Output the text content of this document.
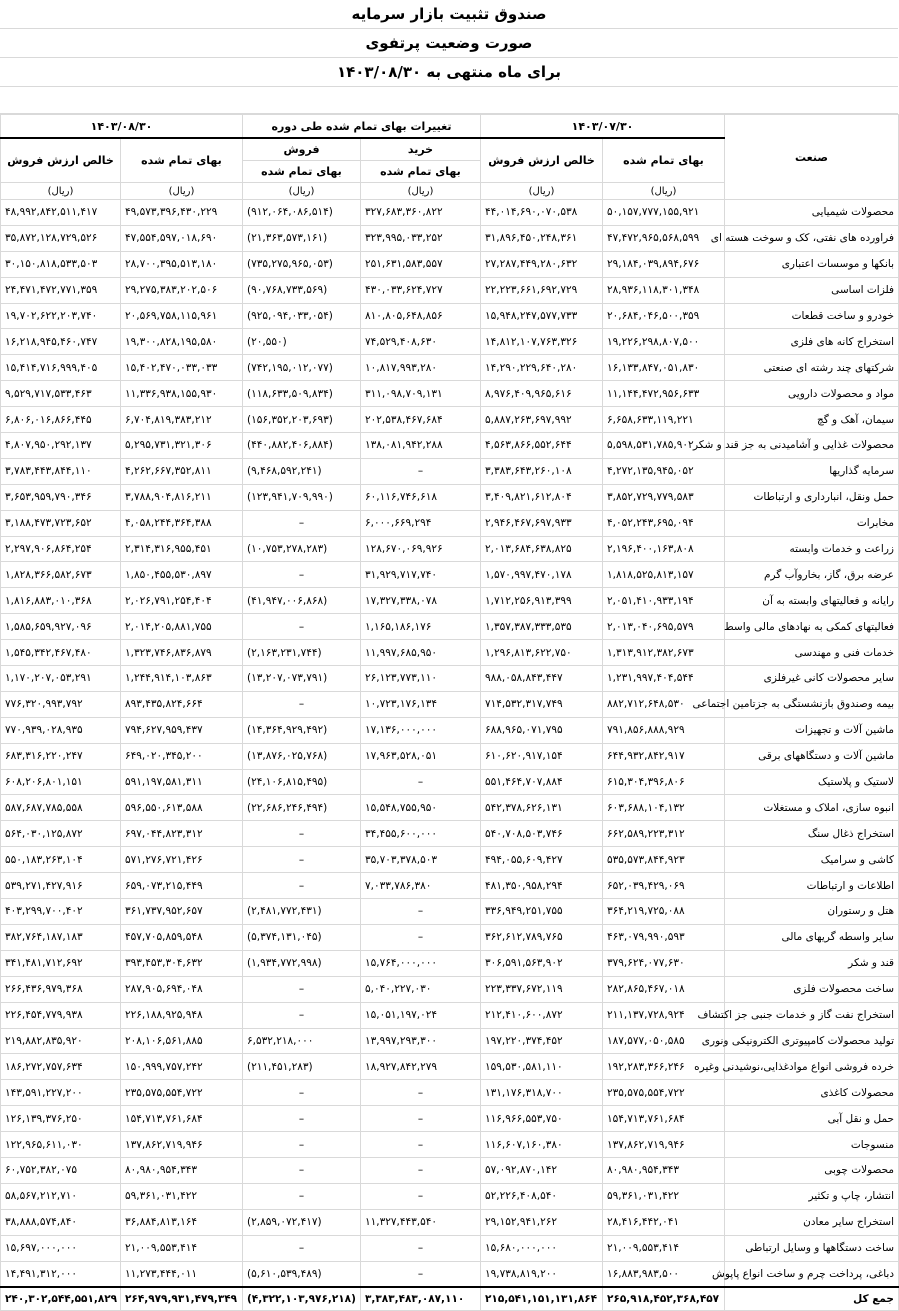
صندوق تثبیت بازار سرمایه
صورت وضعیت پرتفوی
برای ماه منتهی به ۱۴۰۳/۰۸/۳۰
صنعت	۱۴۰۳/۰۷/۳۰		تغییرات بهای تمام شده طی دوره		۱۴۰۳/۰۸/۳۰	
	بهای تمام شده	خالص ارزش فروش	خرید	فروش	بهای تمام شده	خالص ارزش فروش
			بهای تمام شده	بهای تمام شده		
	(ریال)	(ریال)	(ریال)	(ریال)	(ریال)	(ریال)
محصولات شیمیایی	۵۰,۱۵۷,۷۷۷,۱۵۵,۹۲۱	۴۴,۰۱۴,۶۹۰,۰۷۰,۵۳۸	۳۲۷,۶۸۳,۳۶۰,۸۲۲	(۹۱۲,۰۶۴,۰۸۶,۵۱۴)	۴۹,۵۷۳,۳۹۶,۴۳۰,۲۲۹	۴۸,۹۹۲,۸۴۲,۵۱۱,۴۱۷
فراورده های نفتی، کک و سوخت هسته ای	۴۷,۴۷۲,۹۶۵,۵۶۸,۵۹۹	۳۱,۸۹۶,۴۵۰,۲۴۸,۳۶۱	۳۲۳,۹۹۵,۰۳۳,۲۵۲	(۲۱,۳۶۳,۵۷۳,۱۶۱)	۴۷,۵۵۴,۵۹۷,۰۱۸,۶۹۰	۳۵,۸۷۲,۱۲۸,۷۲۹,۵۲۶
بانکها و موسسات اعتباری	۲۹,۱۸۴,۰۳۹,۸۹۴,۶۷۶	۲۷,۲۸۷,۴۴۹,۲۸۰,۶۳۲	۲۵۱,۶۳۱,۵۸۳,۵۵۷	(۷۳۵,۲۷۵,۹۶۵,۰۵۳)	۲۸,۷۰۰,۳۹۵,۵۱۳,۱۸۰	۳۰,۱۵۰,۸۱۸,۵۳۳,۵۰۳
فلزات اساسی	۲۸,۹۳۶,۱۱۸,۳۰۱,۳۴۸	۲۲,۲۲۳,۶۶۱,۶۹۲,۷۲۹	۴۳۰,۰۳۳,۶۲۴,۷۲۷	(۹۰,۷۶۸,۷۳۳,۵۶۹)	۲۹,۲۷۵,۳۸۳,۲۰۲,۵۰۶	۲۴,۴۷۱,۴۷۲,۷۷۱,۳۵۹
خودرو و ساخت قطعات	۲۰,۶۸۴,۰۴۶,۵۰۰,۳۵۹	۱۵,۹۴۸,۲۴۷,۵۷۷,۷۳۳	۸۱۰,۸۰۵,۶۴۸,۸۵۶	(۹۲۵,۰۹۴,۰۳۳,۰۵۴)	۲۰,۵۶۹,۷۵۸,۱۱۵,۹۶۱	۱۹,۷۰۲,۶۲۲,۲۰۳,۷۴۰
استخراج کانه های فلزی	۱۹,۲۲۶,۲۹۸,۸۰۷,۵۰۰	۱۴,۸۱۲,۱۰۷,۷۶۳,۳۲۶	۷۴,۵۲۹,۴۰۸,۶۳۰	(۲۰,۵۵۰)	۱۹,۳۰۰,۸۲۸,۱۹۵,۵۸۰	۱۶,۲۱۸,۹۴۵,۴۶۰,۷۴۷
شرکتهای چند رشته ای صنعتی	۱۶,۱۳۳,۸۴۷,۰۵۱,۸۳۰	۱۴,۲۹۰,۲۲۹,۶۴۰,۲۸۰	۱۰,۸۱۷,۹۹۳,۲۸۰	(۷۴۲,۱۹۵,۰۱۲,۰۷۷)	۱۵,۴۰۲,۴۷۰,۰۳۳,۰۳۳	۱۵,۴۱۴,۷۱۶,۹۹۹,۴۰۵
مواد و محصولات دارویی	۱۱,۱۴۴,۴۷۲,۹۵۶,۶۳۳	۸,۹۷۶,۴۰۹,۹۶۵,۶۱۶	۳۱۱,۰۹۸,۷۰۹,۱۳۱	(۱۱۸,۶۳۳,۵۰۹,۸۳۴)	۱۱,۳۳۶,۹۳۸,۱۵۵,۹۳۰	۹,۵۲۹,۷۱۷,۵۳۳,۴۶۳
سیمان، آهک و گچ	۶,۶۵۸,۶۳۳,۱۱۹,۲۲۱	۵,۸۸۷,۲۶۳,۶۹۷,۹۹۲	۲۰۲,۵۳۸,۴۶۷,۶۸۴	(۱۵۶,۳۵۲,۲۰۳,۶۹۳)	۶,۷۰۴,۸۱۹,۳۸۳,۲۱۲	۶,۸۰۶,۰۱۶,۸۶۶,۴۴۵
محصولات غذایی و آشامیدنی به جز قند و شکر	۵,۵۹۸,۵۳۱,۷۸۵,۹۰۲	۴,۵۶۳,۸۶۶,۵۵۲,۶۴۴	۱۳۸,۰۸۱,۹۴۲,۲۸۸	(۴۴۰,۸۸۲,۴۰۶,۸۸۴)	۵,۲۹۵,۷۳۱,۳۲۱,۳۰۶	۴,۸۰۷,۹۵۰,۲۹۲,۱۳۷
سرمایه گذاریها	۴,۲۷۲,۱۳۵,۹۴۵,۰۵۲	۳,۳۸۳,۶۴۳,۲۶۰,۱۰۸	–	(۹,۴۶۸,۵۹۲,۲۴۱)	۴,۲۶۲,۶۶۷,۳۵۲,۸۱۱	۳,۷۸۳,۴۴۳,۸۴۴,۱۱۰
حمل ونقل، انبارداری و ارتباطات	۳,۸۵۲,۷۲۹,۷۷۹,۵۸۳	۳,۴۰۹,۸۲۱,۶۱۲,۸۰۴	۶۰,۱۱۶,۷۴۶,۶۱۸	(۱۲۳,۹۴۱,۷۰۹,۹۹۰)	۳,۷۸۸,۹۰۴,۸۱۶,۲۱۱	۳,۶۵۳,۹۵۹,۷۹۰,۳۴۶
مخابرات	۴,۰۵۲,۲۴۳,۶۹۵,۰۹۴	۲,۹۴۶,۴۶۷,۶۹۷,۹۳۳	۶,۰۰۰,۶۶۹,۲۹۴	–	۴,۰۵۸,۲۴۴,۳۶۴,۳۸۸	۳,۱۸۸,۴۷۳,۷۲۳,۶۵۲
زراعت و خدمات وابسته	۲,۱۹۶,۴۰۰,۱۶۳,۸۰۸	۲,۰۱۳,۶۸۴,۶۳۸,۸۲۵	۱۲۸,۶۷۰,۰۶۹,۹۲۶	(۱۰,۷۵۳,۲۷۸,۲۸۳)	۲,۳۱۴,۳۱۶,۹۵۵,۴۵۱	۲,۲۹۷,۹۰۶,۸۶۴,۲۵۴
عرضه برق، گاز، بخاروآب گرم	۱,۸۱۸,۵۲۵,۸۱۳,۱۵۷	۱,۵۷۰,۹۹۷,۴۷۰,۱۷۸	۳۱,۹۲۹,۷۱۷,۷۴۰	–	۱,۸۵۰,۴۵۵,۵۳۰,۸۹۷	۱,۸۲۸,۳۶۶,۵۸۲,۶۷۳
رایانه و فعالیتهای وابسته به آن	۲,۰۵۱,۴۱۰,۹۳۳,۱۹۴	۱,۷۱۲,۲۵۶,۹۱۳,۳۹۹	۱۷,۳۲۷,۳۳۸,۰۷۸	(۴۱,۹۴۷,۰۰۶,۸۶۸)	۲,۰۲۶,۷۹۱,۲۵۴,۴۰۴	۱,۸۱۶,۸۸۳,۰۱۰,۳۶۸
فعالیتهای کمکی به نهادهای مالی واسط	۲,۰۱۳,۰۴۰,۶۹۵,۵۷۹	۱,۳۵۷,۳۸۷,۳۳۳,۵۳۵	۱,۱۶۵,۱۸۶,۱۷۶	–	۲,۰۱۴,۲۰۵,۸۸۱,۷۵۵	۱,۵۸۵,۶۵۹,۹۲۷,۰۹۶
خدمات فنی و مهندسی	۱,۳۱۳,۹۱۲,۳۸۲,۶۷۳	۱,۲۹۶,۸۱۳,۶۲۲,۷۵۰	۱۱,۹۹۷,۶۸۵,۹۵۰	(۲,۱۶۳,۲۳۱,۷۴۴)	۱,۳۲۳,۷۴۶,۸۳۶,۸۷۹	۱,۵۴۵,۳۴۲,۴۶۷,۴۸۰
سایر محصولات کانی غیرفلزی	۱,۲۳۱,۹۹۷,۴۰۴,۵۴۴	۹۸۸,۰۵۸,۸۴۳,۴۴۷	۲۶,۱۲۳,۷۷۳,۱۱۰	(۱۳,۲۰۷,۰۷۳,۷۹۱)	۱,۲۴۴,۹۱۴,۱۰۳,۸۶۳	۱,۱۷۰,۲۰۷,۰۵۳,۲۹۱
بیمه وصندوق بازنشستگی به جزتامین اجتماعی	۸۸۲,۷۱۲,۶۴۸,۵۳۰	۷۱۴,۵۳۲,۳۱۷,۷۴۹	۱۰,۷۲۳,۱۷۶,۱۳۴	–	۸۹۳,۴۳۵,۸۲۴,۶۶۴	۷۷۶,۳۲۰,۹۹۳,۷۹۲
ماشین آلات و تجهیزات	۷۹۱,۸۵۶,۸۸۸,۹۲۹	۶۸۸,۹۶۵,۰۷۱,۷۹۵	۱۷,۱۳۶,۰۰۰,۰۰۰	(۱۴,۳۶۴,۹۲۹,۴۹۲)	۷۹۴,۶۲۷,۹۵۹,۴۳۷	۷۷۰,۹۳۹,۰۲۸,۹۳۵
ماشین آلات و دستگاههای برقی	۶۴۴,۹۳۲,۸۴۲,۹۱۷	۶۱۰,۶۲۰,۹۱۷,۱۵۴	۱۷,۹۶۳,۵۲۸,۰۵۱	(۱۳,۸۷۶,۰۲۵,۷۶۸)	۶۴۹,۰۲۰,۳۴۵,۲۰۰	۶۸۳,۳۱۶,۲۲۰,۲۴۷
لاستیک و پلاستیک	۶۱۵,۳۰۴,۳۹۶,۸۰۶	۵۵۱,۴۶۴,۷۰۷,۸۸۴	–	(۲۴,۱۰۶,۸۱۵,۴۹۵)	۵۹۱,۱۹۷,۵۸۱,۳۱۱	۶۰۸,۲۰۶,۸۰۱,۱۵۱
انبوه سازی، املاک و مستغلات	۶۰۳,۶۸۸,۱۰۴,۱۳۲	۵۴۲,۳۷۸,۶۲۶,۱۳۱	۱۵,۵۴۸,۷۵۵,۹۵۰	(۲۲,۶۸۶,۲۴۶,۴۹۴)	۵۹۶,۵۵۰,۶۱۳,۵۸۸	۵۸۷,۶۸۷,۷۸۵,۵۵۸
استخراج ذغال سنگ	۶۶۲,۵۸۹,۲۲۳,۳۱۲	۵۴۰,۷۰۸,۵۰۳,۷۴۶	۳۴,۴۵۵,۶۰۰,۰۰۰	–	۶۹۷,۰۴۴,۸۲۳,۳۱۲	۵۶۴,۰۳۰,۱۲۵,۸۷۲
کاشی و سرامیک	۵۳۵,۵۷۳,۸۴۴,۹۲۳	۴۹۴,۰۵۵,۶۰۹,۴۲۷	۳۵,۷۰۳,۳۷۸,۵۰۳	–	۵۷۱,۲۷۶,۷۲۱,۴۲۶	۵۵۰,۱۸۳,۲۶۳,۱۰۴
اطلاعات و ارتباطات	۶۵۲,۰۳۹,۴۲۹,۰۶۹	۴۸۱,۳۵۰,۹۵۸,۲۹۴	۷,۰۳۳,۷۸۶,۳۸۰	–	۶۵۹,۰۷۳,۲۱۵,۴۴۹	۵۳۹,۲۷۱,۴۲۷,۹۱۶
هتل و رستوران	۳۶۴,۲۱۹,۷۲۵,۰۸۸	۳۳۶,۹۴۹,۲۵۱,۷۵۵	–	(۲,۴۸۱,۷۷۲,۴۳۱)	۳۶۱,۷۳۷,۹۵۲,۶۵۷	۴۰۳,۲۹۹,۷۰۰,۴۰۲
سایر واسطه گریهای مالی	۴۶۳,۰۷۹,۹۹۰,۵۹۳	۳۶۲,۶۱۲,۷۸۹,۷۶۵	–	(۵,۳۷۴,۱۳۱,۰۴۵)	۴۵۷,۷۰۵,۸۵۹,۵۴۸	۳۸۲,۷۶۴,۱۸۷,۱۸۳
قند و شکر	۳۷۹,۶۲۴,۰۷۷,۶۳۰	۳۰۶,۵۹۱,۵۶۳,۹۰۲	۱۵,۷۶۴,۰۰۰,۰۰۰	(۱,۹۳۴,۷۷۲,۹۹۸)	۳۹۳,۴۵۳,۳۰۴,۶۳۲	۳۴۱,۴۸۱,۷۱۲,۶۹۲
ساخت محصولات فلزی	۲۸۲,۸۶۵,۴۶۷,۰۱۸	۲۲۳,۳۳۷,۶۷۲,۱۱۹	۵,۰۴۰,۲۲۷,۰۳۰	–	۲۸۷,۹۰۵,۶۹۴,۰۴۸	۲۶۶,۴۳۶,۹۷۹,۳۶۸
استخراج نفت گاز و خدمات جنبی جز اکتشاف	۲۱۱,۱۳۷,۷۲۸,۹۲۴	۲۱۲,۴۱۰,۶۰۰,۸۷۲	۱۵,۰۵۱,۱۹۷,۰۲۴	–	۲۲۶,۱۸۸,۹۲۵,۹۴۸	۲۲۶,۴۵۴,۷۷۹,۹۳۸
تولید محصولات کامپیوتری الکترونیکی ونوری	۱۸۷,۵۷۷,۰۵۰,۵۸۵	۱۹۷,۲۲۰,۳۷۴,۴۵۲	۱۳,۹۹۷,۲۹۳,۳۰۰	۶,۵۳۲,۲۱۸,۰۰۰	۲۰۸,۱۰۶,۵۶۱,۸۸۵	۲۱۹,۸۸۲,۸۳۵,۹۲۰
خرده فروشی انواع موادغذایی،نوشیدنی وغیره	۱۹۲,۲۸۳,۳۶۶,۲۴۶	۱۵۹,۵۳۰,۵۸۱,۱۱۰	۱۸,۹۲۷,۸۴۲,۲۷۹	(۲۱۱,۴۵۱,۲۸۳)	۱۵۰,۹۹۹,۷۵۷,۲۴۲	۱۸۶,۲۷۲,۷۵۷,۶۳۴
محصولات کاغذی	۲۳۵,۵۷۵,۵۵۴,۷۲۲	۱۳۱,۱۷۶,۳۱۸,۷۰۰	–	–	۲۳۵,۵۷۵,۵۵۴,۷۲۲	۱۴۳,۵۹۱,۲۲۷,۲۰۰
حمل و نقل آبی	۱۵۴,۷۱۳,۷۶۱,۶۸۴	۱۱۶,۹۶۶,۵۵۳,۷۵۰	–	–	۱۵۴,۷۱۳,۷۶۱,۶۸۴	۱۲۶,۱۳۹,۳۷۶,۲۵۰
منسوجات	۱۳۷,۸۶۲,۷۱۹,۹۴۶	۱۱۶,۶۰۷,۱۶۰,۳۸۰	–	–	۱۳۷,۸۶۲,۷۱۹,۹۴۶	۱۲۲,۹۶۵,۶۱۱,۰۳۰
محصولات چوبی	۸۰,۹۸۰,۹۵۴,۳۴۳	۵۷,۰۹۲,۸۷۰,۱۴۲	–	–	۸۰,۹۸۰,۹۵۴,۳۴۳	۶۰,۷۵۲,۳۸۲,۰۷۵
انتشار، چاپ و تکثیر	۵۹,۳۶۱,۰۳۱,۴۲۲	۵۲,۲۲۶,۴۰۸,۵۴۰	–	–	۵۹,۳۶۱,۰۳۱,۴۲۲	۵۸,۵۶۷,۲۱۲,۷۱۰
استخراج سایر معادن	۲۸,۴۱۶,۴۴۲,۰۴۱	۲۹,۱۵۲,۹۴۱,۲۶۲	۱۱,۳۲۷,۴۴۳,۵۴۰	(۲,۸۵۹,۰۷۲,۴۱۷)	۳۶,۸۸۴,۸۱۳,۱۶۴	۳۸,۸۸۸,۵۷۴,۸۴۰
ساخت دستگاهها و وسایل ارتباطی	۲۱,۰۰۹,۵۵۳,۴۱۴	۱۵,۶۸۰,۰۰۰,۰۰۰	–	–	۲۱,۰۰۹,۵۵۳,۴۱۴	۱۵,۶۹۷,۰۰۰,۰۰۰
دباغی، پرداخت چرم و ساخت انواع پاپوش	۱۶,۸۸۳,۹۸۳,۵۰۰	۱۹,۷۳۸,۸۱۹,۲۰۰	–	(۵,۶۱۰,۵۳۹,۴۸۹)	۱۱,۲۷۳,۴۴۴,۰۱۱	۱۴,۴۹۱,۳۱۲,۰۰۰
جمع کل	۲۶۵,۹۱۸,۴۵۲,۳۶۸,۴۵۷	۲۱۵,۵۴۱,۱۵۱,۱۳۱,۸۶۴	۳,۳۸۳,۴۸۳,۰۸۷,۱۱۰	(۴,۳۲۲,۱۰۳,۹۷۶,۲۱۸)	۲۶۴,۹۷۹,۹۳۱,۴۷۹,۳۴۹	۲۴۰,۳۰۲,۵۴۴,۵۵۱,۸۲۹
